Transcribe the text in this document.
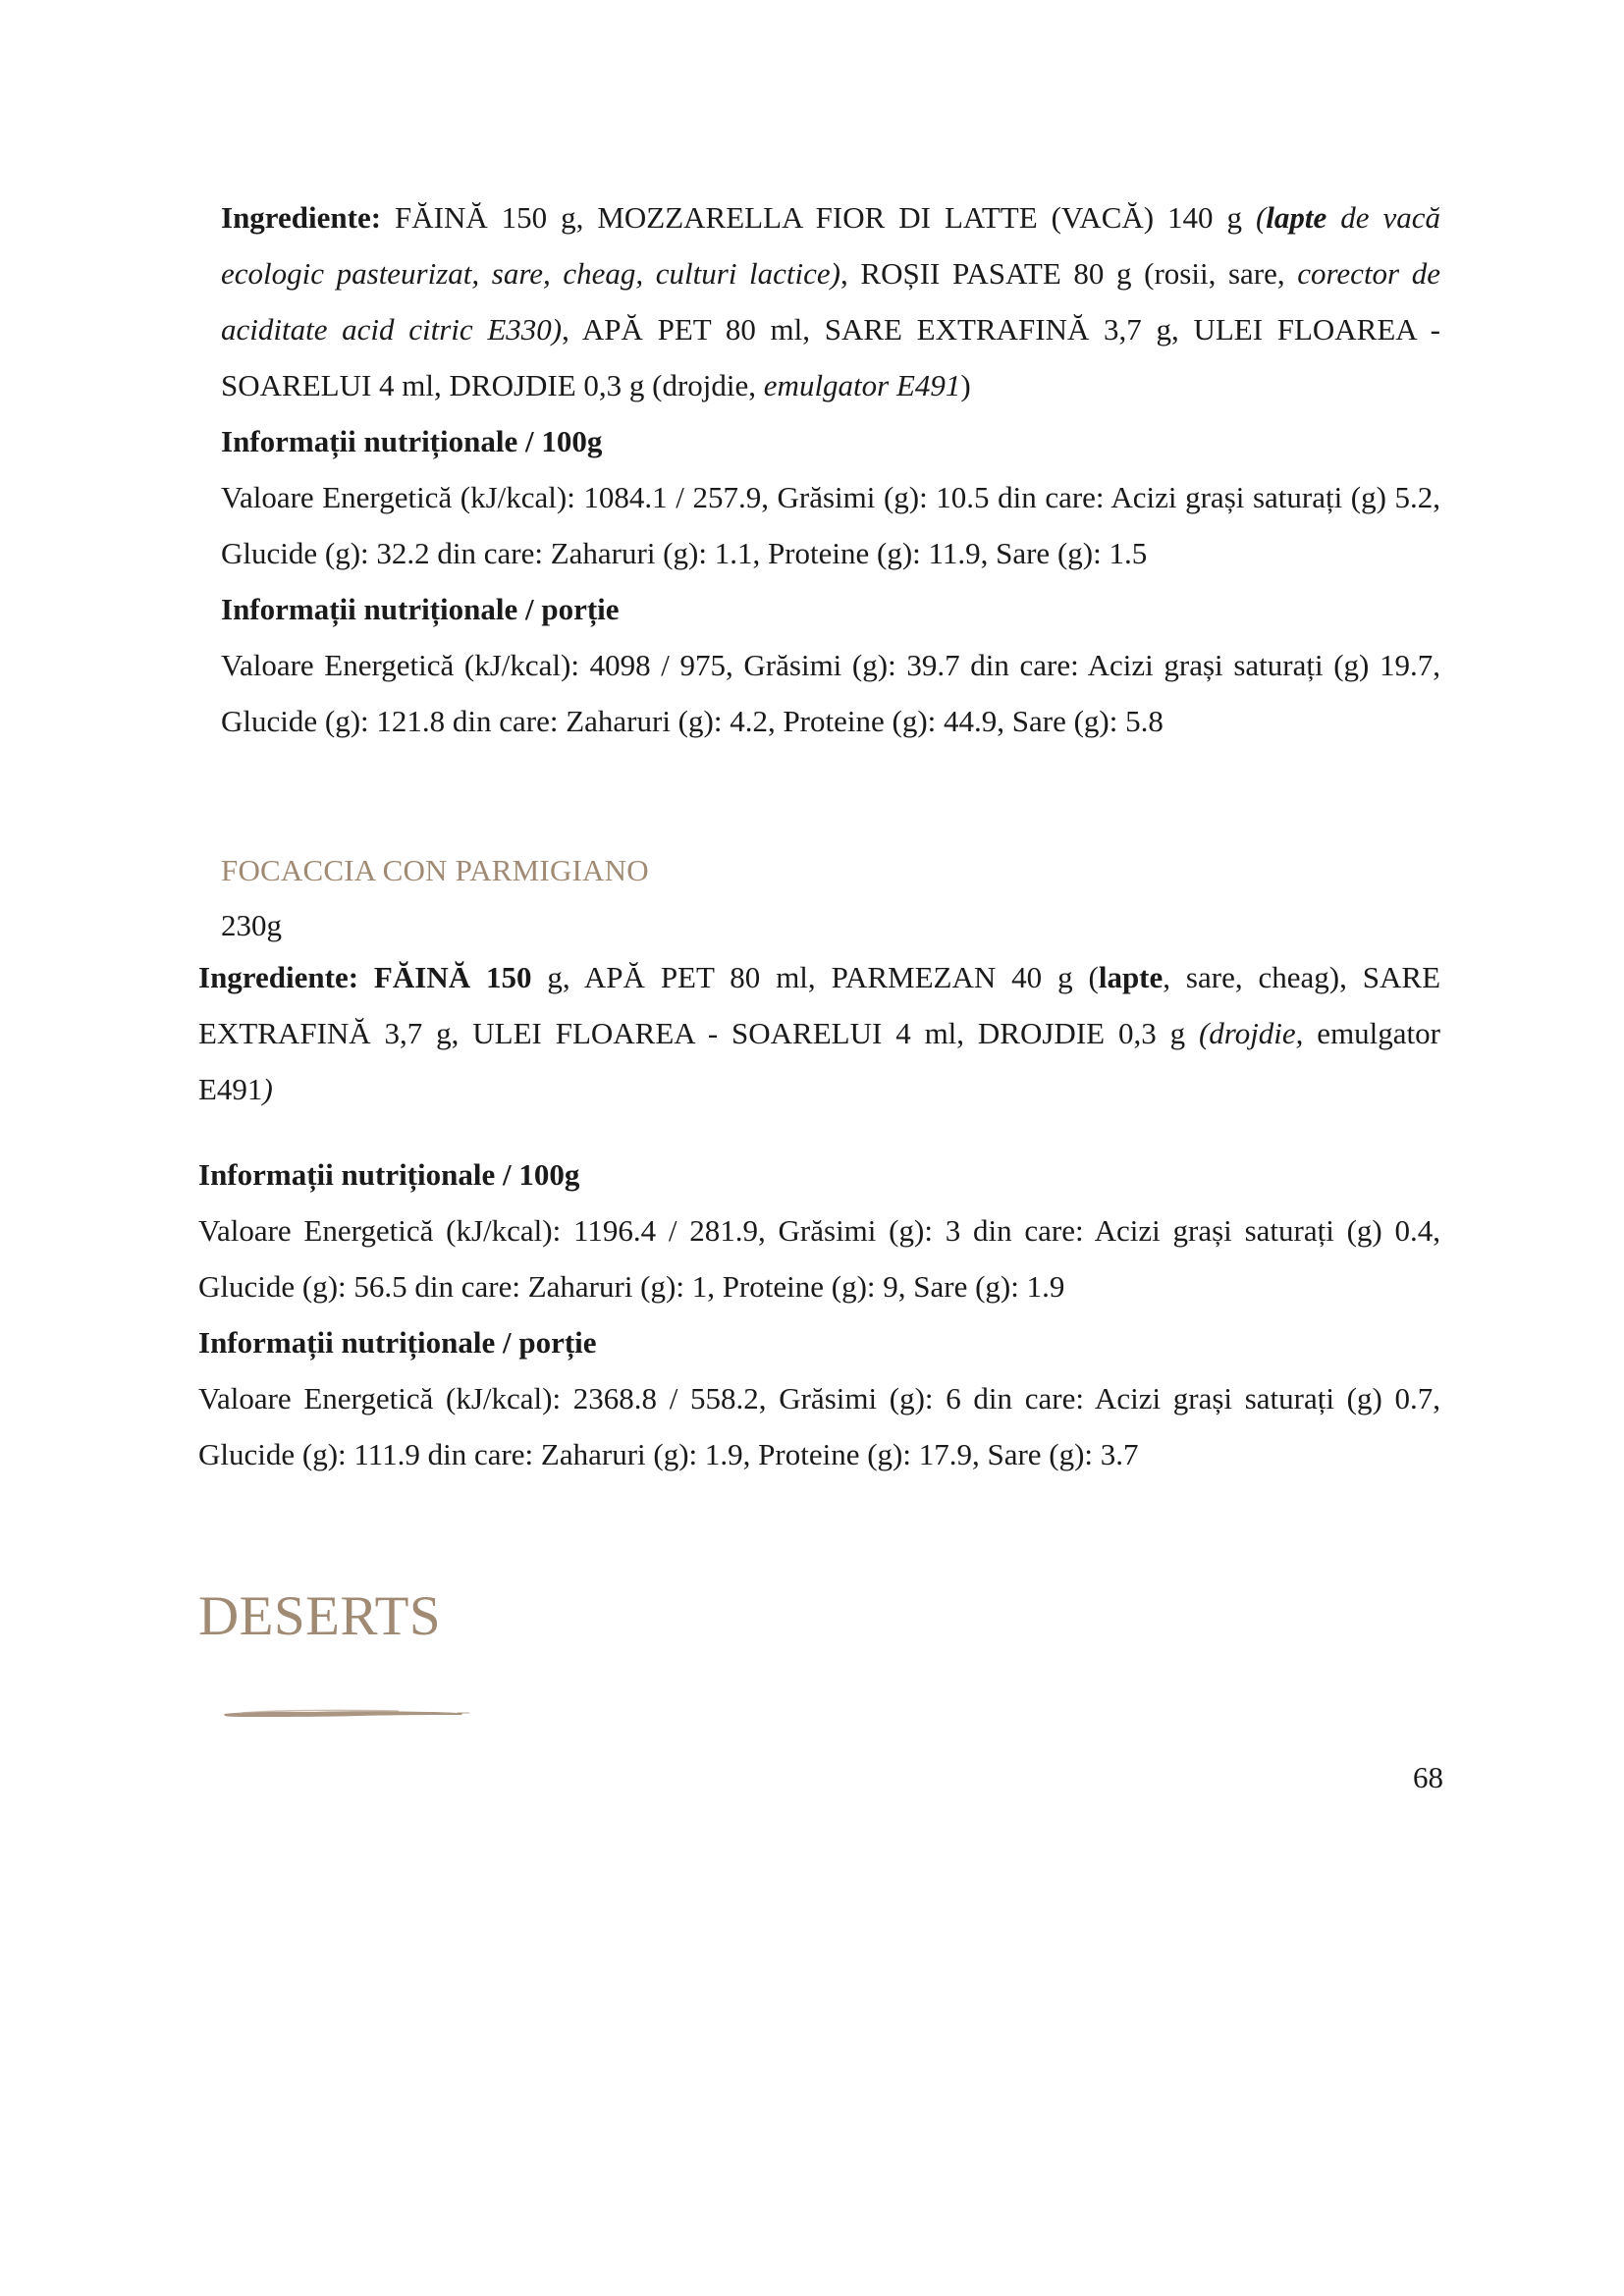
Ingrediente: FĂINĂ 150 g, MOZZARELLA FIOR DI LATTE (VACĂ) 140 g (lapte de vacă ecologic pasteurizat, sare, cheag, culturi lactice), ROȘII PASATE 80 g (rosii, sare, corector de aciditate acid citric E330), APĂ PET 80 ml, SARE EXTRAFINĂ 3,7 g, ULEI FLOAREA - SOARELUI 4 ml, DROJDIE 0,3 g (drojdie, emulgator E491)

Informații nutriționale / 100g

Valoare Energetică (kJ/kcal): 1084.1 / 257.9, Grăsimi (g): 10.5 din care: Acizi grași saturați (g) 5.2, Glucide (g): 32.2 din care: Zaharuri (g): 1.1, Proteine (g): 11.9, Sare (g): 1.5

Informații nutriționale / porție

Valoare Energetică (kJ/kcal): 4098 / 975, Grăsimi (g): 39.7 din care: Acizi grași saturați (g) 19.7, Glucide (g): 121.8 din care: Zaharuri (g): 4.2, Proteine (g): 44.9, Sare (g): 5.8

FOCACCIA CON PARMIGIANO
230g

Ingrediente: FĂINĂ 150 g, APĂ PET 80 ml, PARMEZAN 40 g (lapte, sare, cheag), SARE EXTRAFINĂ 3,7 g, ULEI FLOAREA - SOARELUI 4 ml, DROJDIE 0,3 g (drojdie, emulgator E491)

Informații nutriționale / 100g

Valoare Energetică (kJ/kcal): 1196.4 / 281.9, Grăsimi (g): 3 din care: Acizi grași saturați (g) 0.4, Glucide (g): 56.5 din care: Zaharuri (g): 1, Proteine (g): 9, Sare (g): 1.9

Informații nutriționale / porție

Valoare Energetică (kJ/kcal): 2368.8 / 558.2, Grăsimi (g): 6 din care: Acizi grași saturați (g) 0.7, Glucide (g): 111.9 din care: Zaharuri (g): 1.9, Proteine (g): 17.9, Sare (g): 3.7

DESERTS
68
